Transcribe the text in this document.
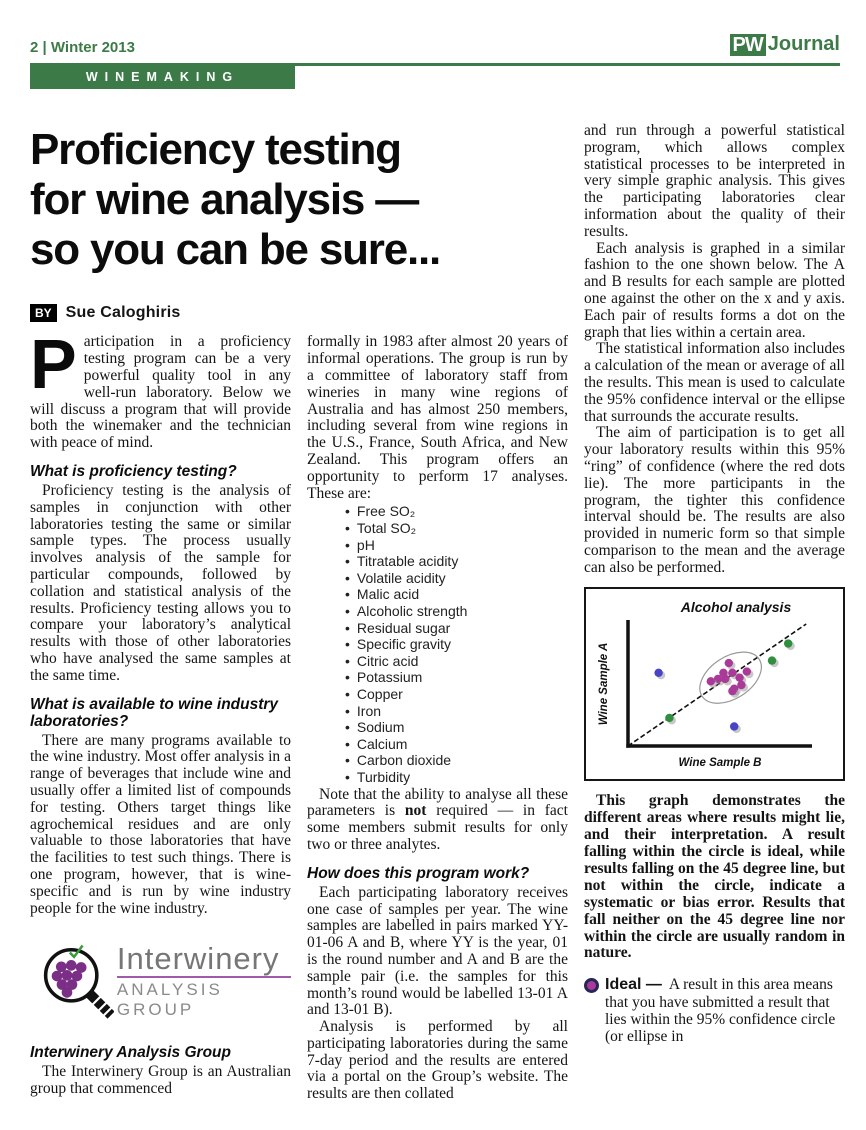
2 | Winter 2013	PW Journal
WINEMAKING
Proficiency testing
for wine analysis —
so you can be sure...
BY Sue Caloghiris

Participation in a proficiency testing program can be a very powerful quality tool in any well-run laboratory. Below we will discuss a program that will provide both the winemaker and the technician with peace of mind.

What is proficiency testing?

Proficiency testing is the analysis of samples in conjunction with other laboratories testing the same or similar sample types. The process usually involves analysis of the sample for particular compounds, followed by collation and statistical analysis of the results. Proficiency testing allows you to compare your laboratory’s analytical results with those of other laboratories who have analysed the same samples at the same time.

What is available to wine industry laboratories?

There are many programs available to the wine industry. Most offer analysis in a range of beverages that include wine and usually offer a limited list of compounds for testing. Others target things like agrochemical residues and are only valuable to those laboratories that have the facilities to test such things. There is one program, however, that is wine-specific and is run by wine industry people for the wine industry.

Interwinery
ANALYSIS GROUP
Interwinery Analysis Group

The Interwinery Group is an Australian group that commenced

formally in 1983 after almost 20 years of informal operations. The group is run by a committee of laboratory staff from wineries in many wine regions of Australia and has almost 250 members, including several from wine regions in the U.S., France, South Africa, and New Zealand. This program offers an opportunity to perform 17 analyses. These are:

• Free SO₂
• Total SO₂
• pH
• Titratable acidity
• Volatile acidity
• Malic acid
• Alcoholic strength
• Residual sugar
• Specific gravity
• Citric acid
• Potassium
• Copper
• Iron
• Sodium
• Calcium
• Carbon dioxide
• Turbidity

Note that the ability to analyse all these parameters is not required — in fact some members submit results for only two or three analytes.

How does this program work?

Each participating laboratory receives one case of samples per year. The wine samples are labelled in pairs marked YY-01-06 A and B, where YY is the year, 01 is the round number and A and B are the sample pair (i.e. the samples for this month’s round would be labelled 13-01 A and 13-01 B).

Analysis is performed by all participating laboratories during the same 7-day period and the results are entered via a portal on the Group’s website. The results are then collated

and run through a powerful statistical program, which allows complex statistical processes to be interpreted in very simple graphic analysis. This gives the participating laboratories clear information about the quality of their results.

Each analysis is graphed in a similar fashion to the one shown below. The A and B results for each sample are plotted one against the other on the x and y axis. Each pair of results forms a dot on the graph that lies within a certain area.

The statistical information also includes a calculation of the mean or average of all the results. This mean is used to calculate the 95% confidence interval or the ellipse that surrounds the accurate results.

The aim of participation is to get all your laboratory results within this 95% “ring” of confidence (where the red dots lie). The more participants in the program, the tighter this confidence interval should be. The results are also provided in numeric form so that simple comparison to the mean and the average can also be performed.

Alcohol analysis
Wine Sample A
Wine Sample B

This graph demonstrates the different areas where results might lie, and their interpretation. A result falling within the circle is ideal, while results falling on the 45 degree line, but not within the circle, indicate a systematic or bias error. Results that fall neither on the 45 degree line nor within the circle are usually random in nature.

Ideal — A result in this area means that you have submitted a result that lies within the 95% confidence circle (or ellipse in
